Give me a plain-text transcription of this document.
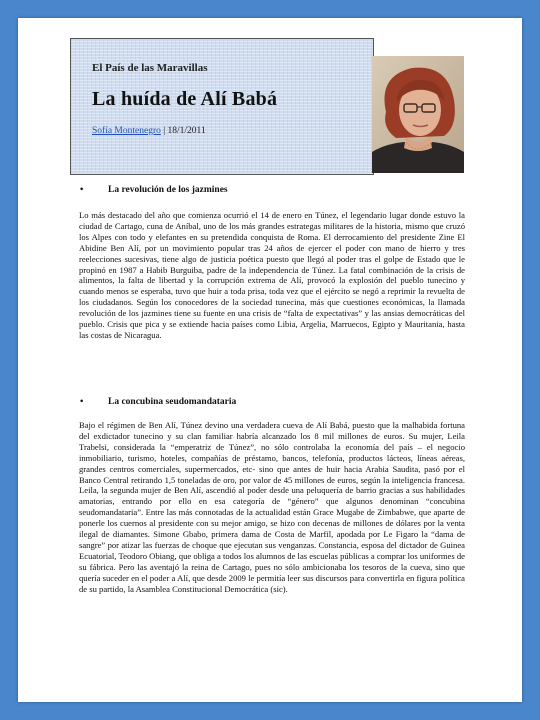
El País de las Maravillas
La huída de Alí Babá
Sofía Montenegro | 18/1/2011
•	La revolución de los jazmines
Lo más destacado del año que comienza ocurrió el 14 de enero en Túnez, el legendario lugar donde estuvo la ciudad de Cartago, cuna de Aníbal, uno de los más grandes estrategas militares de la historia, mismo que cruzó los Alpes con todo y elefantes en su pretendida conquista de Roma. El derrocamiento del presidente Zine El Abidine Ben Alí, por un movimiento popular tras 24 años de ejercer el poder con mano de hierro y tres reelecciones sucesivas, tiene algo de justicia poética puesto que llegó al poder tras el golpe de Estado que le propinó en 1987 a Habib Burguiba, padre de la independencia de Túnez. La fatal combinación de la crisis de alimentos, la falta de libertad y la corrupción extrema de Alí, provocó la explosión del pueblo tunecino y cuando menos se esperaba, tuvo que huir a toda prisa, toda vez que el ejército se negó a reprimir la revuelta de los ciudadanos. Según los conocedores de la sociedad tunecina, más que cuestiones económicas, la llamada revolución de los jazmines tiene su fuente en una crisis de “falta de expectativas” y las ansias democráticas del pueblo. Crisis que pica y se extiende hacia países como Libia, Argelia, Marruecos, Egipto y Mauritania, hasta las costas de Nicaragua.
•	La concubina seudomandataria
Bajo el régimen de Ben Alí, Túnez devino una verdadera cueva de Alí Babá, puesto que la malhabida fortuna del exdictador tunecino y su clan familiar habría alcanzado los 8 mil millones de euros. Su mujer, Leila Trabelsi, considerada la “emperatriz de Túnez”, no sólo controlaba la economía del país – el negocio inmobiliario, turismo, hoteles, compañías de préstamo, bancos, telefonía, productos lácteos, líneas aéreas, grandes centros comerciales, supermercados, etc- sino que antes de huir hacia Arabia Saudita, pasó por el Banco Central retirando 1,5 toneladas de oro, por valor de 45 millones de euros, según la inteligencia francesa. Leila, la segunda mujer de Ben Alí, ascendió al poder desde una peluquería de barrio gracias a sus habilidades amatorias, entrando por ello en esa categoría de “género” que algunos denominan “concubina seudomandataria”. Entre las más connotadas de la actualidad están Grace Mugabe de Zimbabwe, que aparte de ponerle los cuernos al presidente con su mejor amigo, se hizo con decenas de millones de dólares por la venta ilegal de diamantes. Simone Gbabo, primera dama de Costa de Marfil, apodada por Le Figaro la “dama de sangre” por atizar las fuerzas de choque que ejecutan sus venganzas. Constancia, esposa del dictador de Guinea Ecuatorial, Teodoro Obiang, que obliga a todos los alumnos de las escuelas públicas a comprar los uniformes de su fábrica. Pero las aventajó la reina de Cartago, pues no sólo ambicionaba los tesoros de la cueva, sino que quería suceder en el poder a Alí, que desde 2009 le permitía leer sus discursos para convertirla en figura política de su partido, la Asamblea Constitucional Democrática (sic).
